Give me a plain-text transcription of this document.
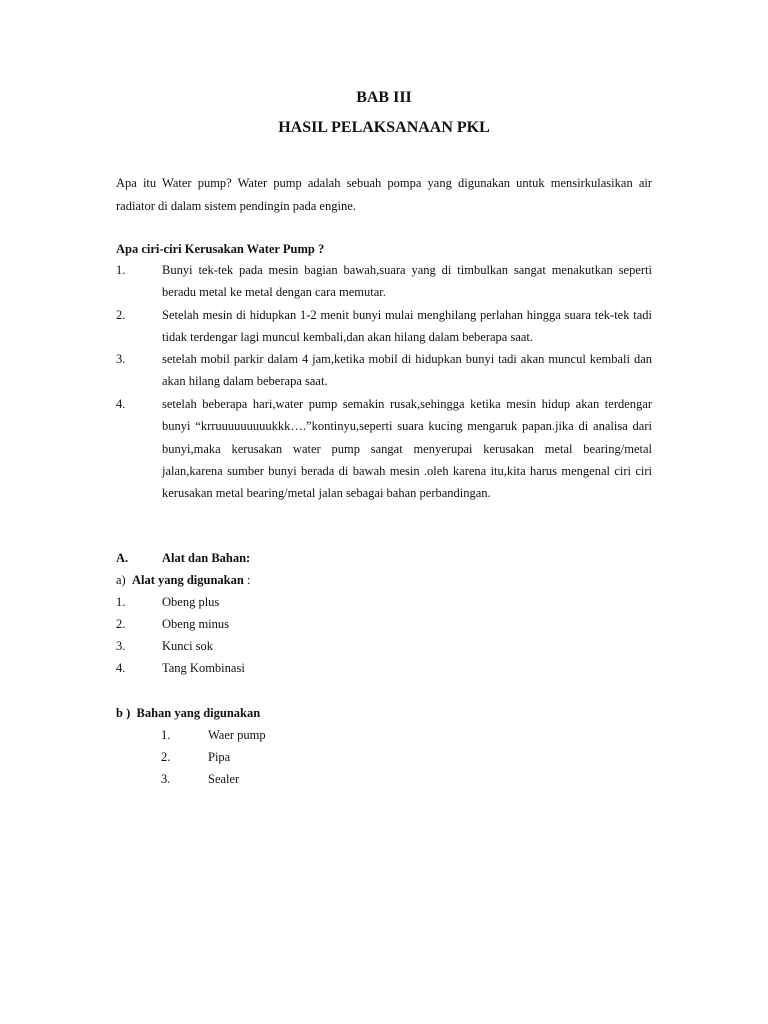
BAB III
HASIL PELAKSANAAN PKL

Apa itu Water pump? Water pump adalah sebuah pompa yang digunakan untuk mensirkulasikan air radiator di dalam sistem pendingin pada engine.

Apa ciri-ciri Kerusakan Water Pump ?
1.	Bunyi tek-tek pada mesin bagian bawah,suara yang di timbulkan sangat menakutkan seperti beradu metal ke metal dengan cara memutar.
2.	Setelah mesin di hidupkan 1-2 menit bunyi mulai menghilang perlahan hingga suara tek-tek tadi tidak terdengar lagi muncul kembali,dan akan hilang dalam beberapa saat.
3.	setelah mobil parkir dalam 4 jam,ketika mobil di hidupkan bunyi tadi akan muncul kembali dan akan hilang dalam beberapa saat.
4.	setelah beberapa hari,water pump semakin rusak,sehingga ketika mesin hidup akan terdengar bunyi “krruuuuuuuuukkk….”kontinyu,seperti suara kucing mengaruk papan.jika di analisa dari bunyi,maka kerusakan water pump sangat menyerupai kerusakan metal bearing/metal jalan,karena sumber bunyi berada di bawah mesin .oleh karena itu,kita harus mengenal ciri ciri kerusakan metal bearing/metal jalan sebagai bahan perbandingan.
A.	Alat dan Bahan:
a) Alat yang digunakan :
1.	Obeng plus
2.	Obeng minus
3.	Kunci sok
4.	Tang Kombinasi
b ) Bahan yang digunakan
1.	Waer pump
2.	Pipa
3.	Sealer
